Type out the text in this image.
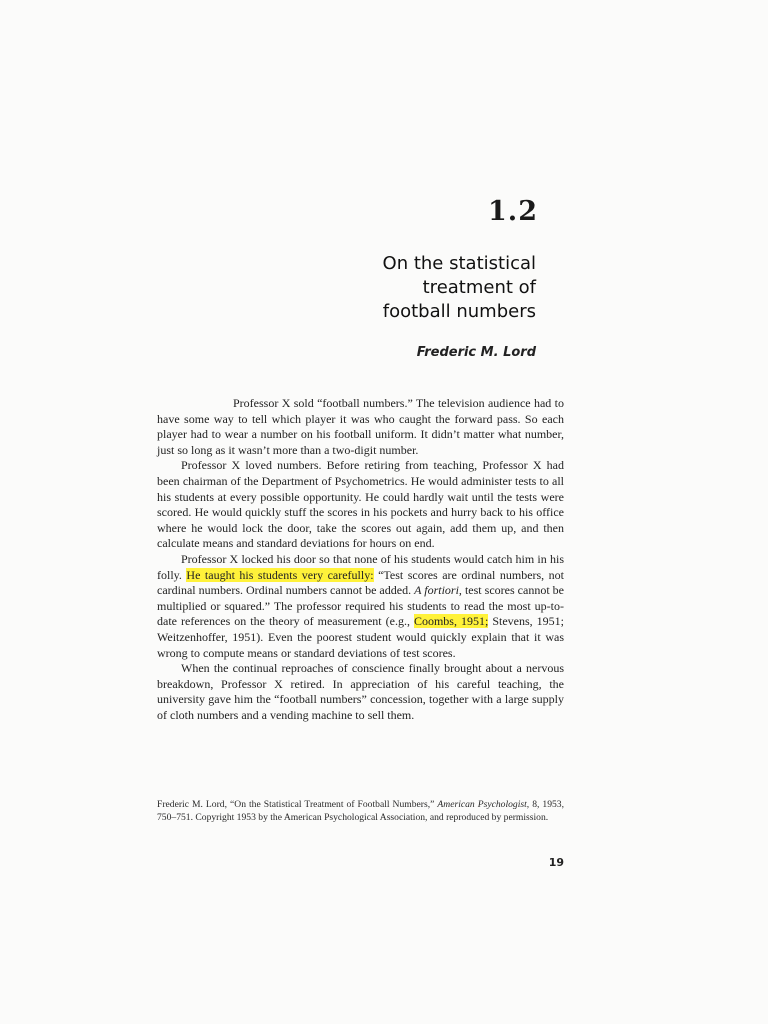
1.2
On the statistical
treatment of
football numbers
Frederic M. Lord

Professor X sold “football numbers.” The television audience had to have some way to tell which player it was who caught the forward pass. So each player had to wear a number on his football uniform. It didn’t matter what number, just so long as it wasn’t more than a two-digit number.

Professor X loved numbers. Before retiring from teaching, Professor X had been chairman of the Department of Psychometrics. He would administer tests to all his students at every possible opportunity. He could hardly wait until the tests were scored. He would quickly stuff the scores in his pockets and hurry back to his office where he would lock the door, take the scores out again, add them up, and then calculate means and standard deviations for hours on end.

Professor X locked his door so that none of his students would catch him in his folly. He taught his students very carefully: “Test scores are ordinal numbers, not cardinal numbers. Ordinal numbers cannot be added. A fortiori, test scores cannot be multiplied or squared.” The professor required his students to read the most up-to-date references on the theory of measurement (e.g., Coombs, 1951; Stevens, 1951; Weitzenhoffer, 1951). Even the poorest student would quickly explain that it was wrong to compute means or standard deviations of test scores.

When the continual reproaches of conscience finally brought about a nervous breakdown, Professor X retired. In appreciation of his careful teaching, the university gave him the “football numbers” concession, together with a large supply of cloth numbers and a vending machine to sell them.

Frederic M. Lord, “On the Statistical Treatment of Football Numbers,” American Psychologist, 8, 1953, 750–751. Copyright 1953 by the American Psychological Association, and reproduced by permission.
19
